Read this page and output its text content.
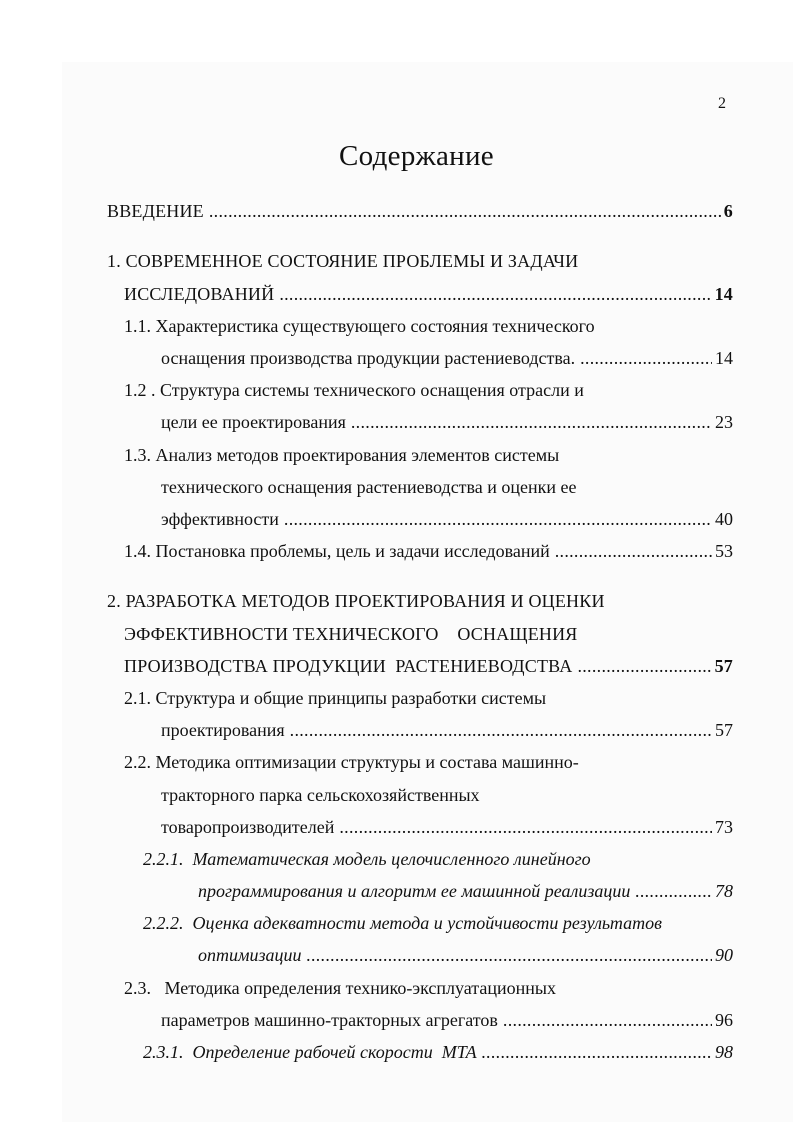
2
Содержание
ВВЕДЕНИЕ .....	6
1. СОВРЕМЕННОЕ СОСТОЯНИЕ ПРОБЛЕМЫ И ЗАДАЧИ
ИССЛЕДОВАНИЙ .....	14
1.1. Характеристика существующего состояния технического
оснащения производства продукции растениеводства. .....	14
1.2 . Структура системы технического оснащения отрасли и
цели ее проектирования .....	23
1.3. Анализ методов проектирования элементов системы
технического оснащения растениеводства и оценки ее
эффективности .....	40
1.4. Постановка проблемы, цель и задачи исследований .....	53
2. РАЗРАБОТКА МЕТОДОВ ПРОЕКТИРОВАНИЯ И ОЦЕНКИ
ЭФФЕКТИВНОСТИ ТЕХНИЧЕСКОГО    ОСНАЩЕНИЯ
ПРОИЗВОДСТВА ПРОДУКЦИИ  РАСТЕНИЕВОДСТВА .....	57
2.1. Структура и общие принципы разработки системы
проектирования .....	57
2.2. Методика оптимизации структуры и состава машинно-
тракторного парка сельскохозяйственных
товаропроизводителей .....	73
2.2.1.  Математическая модель целочисленного линейного
программирования и алгоритм ее машинной реализации .....	78
2.2.2.  Оценка адекватности метода и устойчивости результатов
оптимизации .....	90
2.3.   Методика определения технико-эксплуатационных
параметров машинно-тракторных агрегатов .....	96
2.3.1.  Определение рабочей скорости  МТА .....	98
